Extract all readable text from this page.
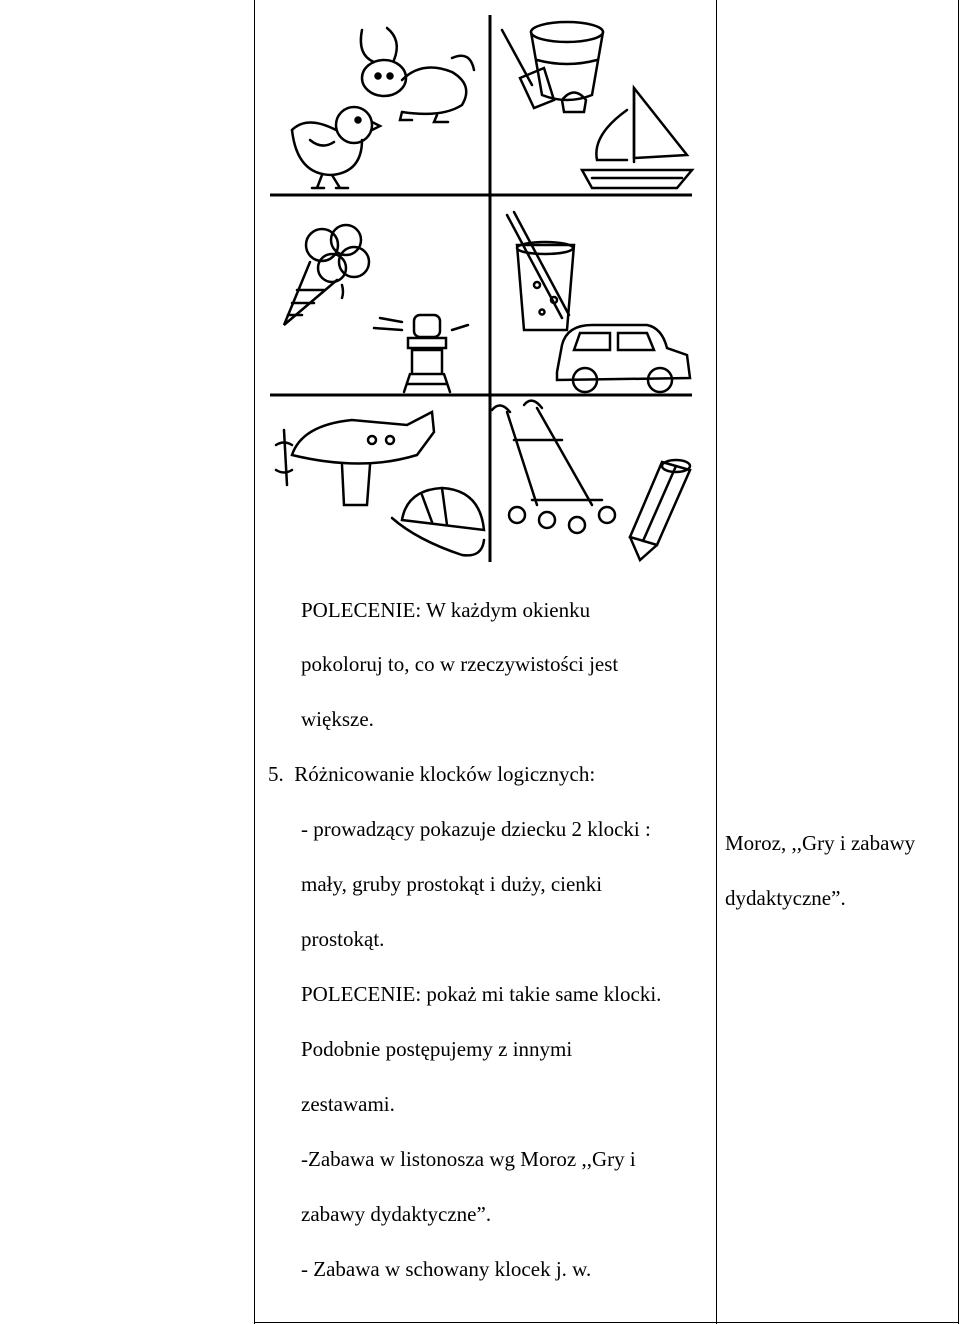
POLECENIE: W każdym okienku
pokoloruj to, co w rzeczywistości jest
większe.
5.  Różnicowanie klocków logicznych:
- prowadzący pokazuje dziecku 2 klocki :
mały, gruby prostokąt i duży, cienki
prostokąt.
POLECENIE: pokaż mi takie same klocki.
Podobnie postępujemy z innymi
zestawami.
-Zabawa w listonosza wg Moroz ,,Gry i
zabawy dydaktyczne”.
- Zabawa w schowany klocek j. w.
Moroz, ,,Gry i zabawy
dydaktyczne”.
